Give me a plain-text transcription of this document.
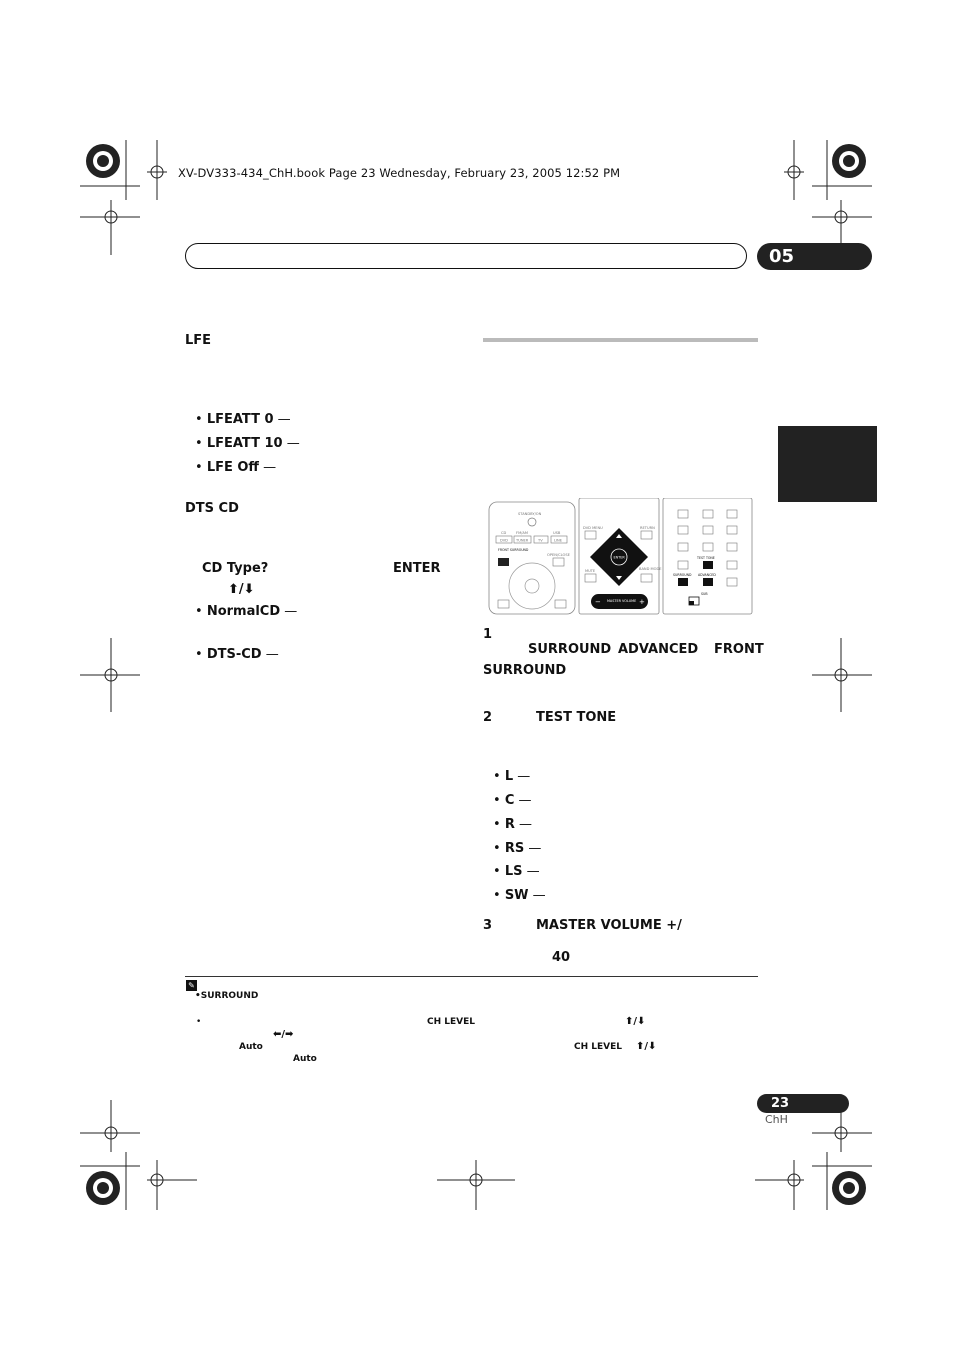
XV-DV333-434_ChH.book Page 23 Wednesday, February 23, 2005 12:52 PM
05
LFE
• LFEATT 0 —
• LFEATT 10 —
• LFE Off —
DTS CD
CD Type?	ENTER
⬆/⬇
• NormalCD —
• DTS-CD —
STANDBY/ON
CD	FM/AM	USB
DVD TUNER	TV	LINE
FRONT SURROUND
OPEN/CLOSE
DVD MENU	RETURN
ENTER
MUTE	BAND MODE
−	+
MASTER VOLUME
TEST TONE
SURROUND ADVANCED
SUB
1
SURROUND ADVANCED FRONT
SURROUND
2	TEST TONE
• L —
• C —
• R —
• RS —
• LS —
• SW —
3	MASTER VOLUME +/
40
✎
•SURROUND
•	CH LEVEL	⬆/⬇
⬅/➡
Auto	CH LEVEL ⬆/⬇
Auto
23
ChH
